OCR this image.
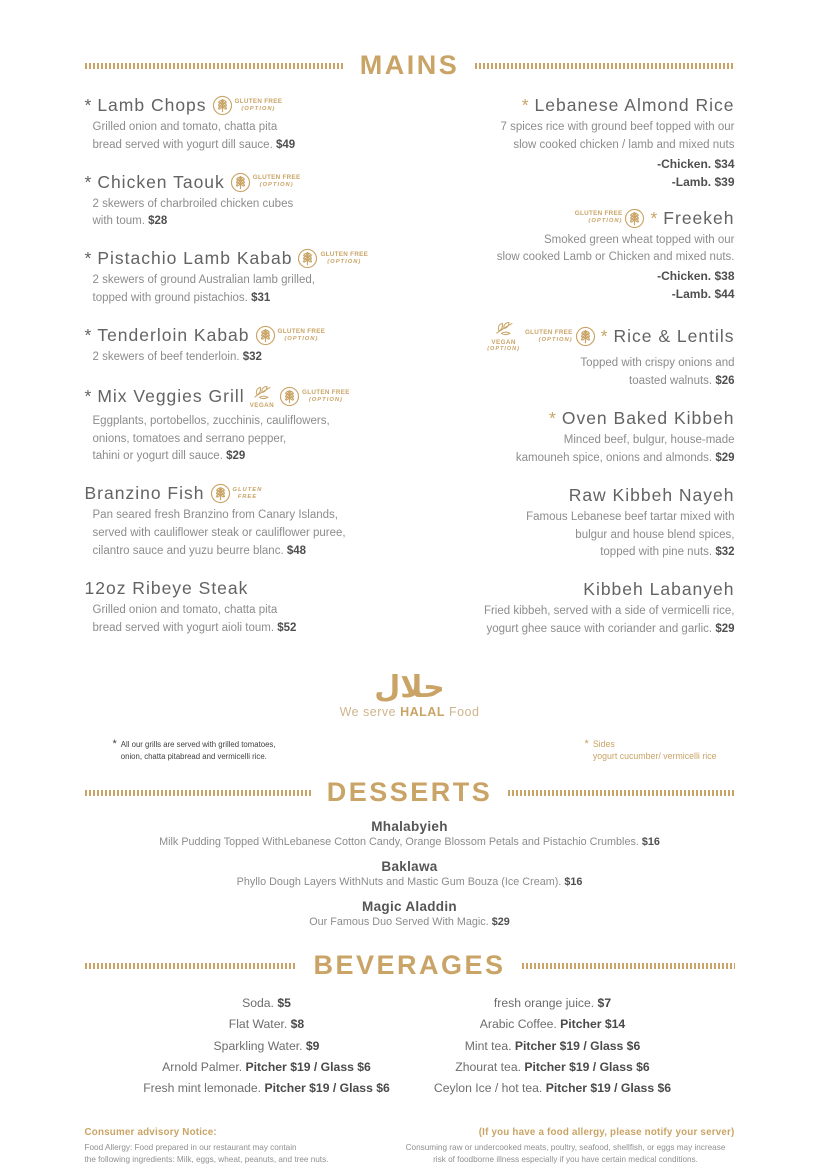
MAINS
* Lamb Chops	GLUTEN FREE
(OPTION)
Grilled onion and tomato, chatta pita
bread served with yogurt dill sauce. $49
* Chicken Taouk	GLUTEN FREE
(OPTION)
2 skewers of charbroiled chicken cubes
with toum. $28
* Pistachio Lamb Kabab	GLUTEN FREE
(OPTION)
2 skewers of ground Australian lamb grilled,
topped with ground pistachios. $31
* Tenderloin Kabab	GLUTEN FREE
(OPTION)
2 skewers of beef tenderloin. $32
* Mix Veggies Grill VEGAN
GLUTEN FREE
(OPTION)
Eggplants, portobellos, zucchinis, cauliflowers,
onions, tomatoes and serrano pepper,
tahini or yogurt dill sauce. $29
Branzino Fish	GLUTEN
FREE
Pan seared fresh Branzino from Canary Islands,
served with cauliflower steak or cauliflower puree,
cilantro sauce and yuzu beurre blanc. $48
12oz Ribeye Steak
Grilled onion and tomato, chatta pita
bread served with yogurt aioli toum. $52
* Lebanese Almond Rice
7 spices rice with ground beef topped with our
slow cooked chicken / lamb and mixed nuts
-Chicken. $34
-Lamb. $39
GLUTEN FREE
(OPTION) * Freekeh
Smoked green wheat topped with our
slow cooked Lamb or Chicken and mixed nuts.
-Chicken. $38
-Lamb. $44
VEGAN
(OPTION)
GLUTEN FREE
(OPTION) * Rice & Lentils
Topped with crispy onions and
toasted walnuts. $26
* Oven Baked Kibbeh
Minced beef, bulgur, house-made
kamouneh spice, onions and almonds. $29
Raw Kibbeh Nayeh
Famous Lebanese beef tartar mixed with
bulgur and house blend spices,
topped with pine nuts. $32
Kibbeh Labanyeh
Fried kibbeh, served with a side of vermicelli rice,
yogurt ghee sauce with coriander and garlic. $29
حلال
We serve HALAL Food
* All our grills are served with grilled tomatoes,
onion, chatta pitabread and vermicelli rice.
* Sides
yogurt cucumber/ vermicelli rice
DESSERTS
Mhalabyieh
Milk Pudding Topped WithLebanese Cotton Candy, Orange Blossom Petals and Pistachio Crumbles. $16
Baklawa
Phyllo Dough Layers WithNuts and Mastic Gum Bouza (Ice Cream). $16
Magic Aladdin
Our Famous Duo Served With Magic. $29
BEVERAGES
Soda. $5
Flat Water. $8
Sparkling Water. $9
Arnold Palmer. Pitcher $19 / Glass $6
Fresh mint lemonade. Pitcher $19 / Glass $6
fresh orange juice. $7
Arabic Coffee. Pitcher $14
Mint tea. Pitcher $19 / Glass $6
Zhourat tea. Pitcher $19 / Glass $6
Ceylon Ice / hot tea. Pitcher $19 / Glass $6
Consumer advisory Notice:
Food Allergy: Food prepared in our restaurant may contain
the following ingredients: Milk, eggs, wheat, peanuts, and tree nuts.
(If you have a food allergy, please notify your server)
Consuming raw or undercooked meats, poultry, seafood, shellfish, or eggs may increase
risk of foodborne illness especially if you have certain medical conditions.
